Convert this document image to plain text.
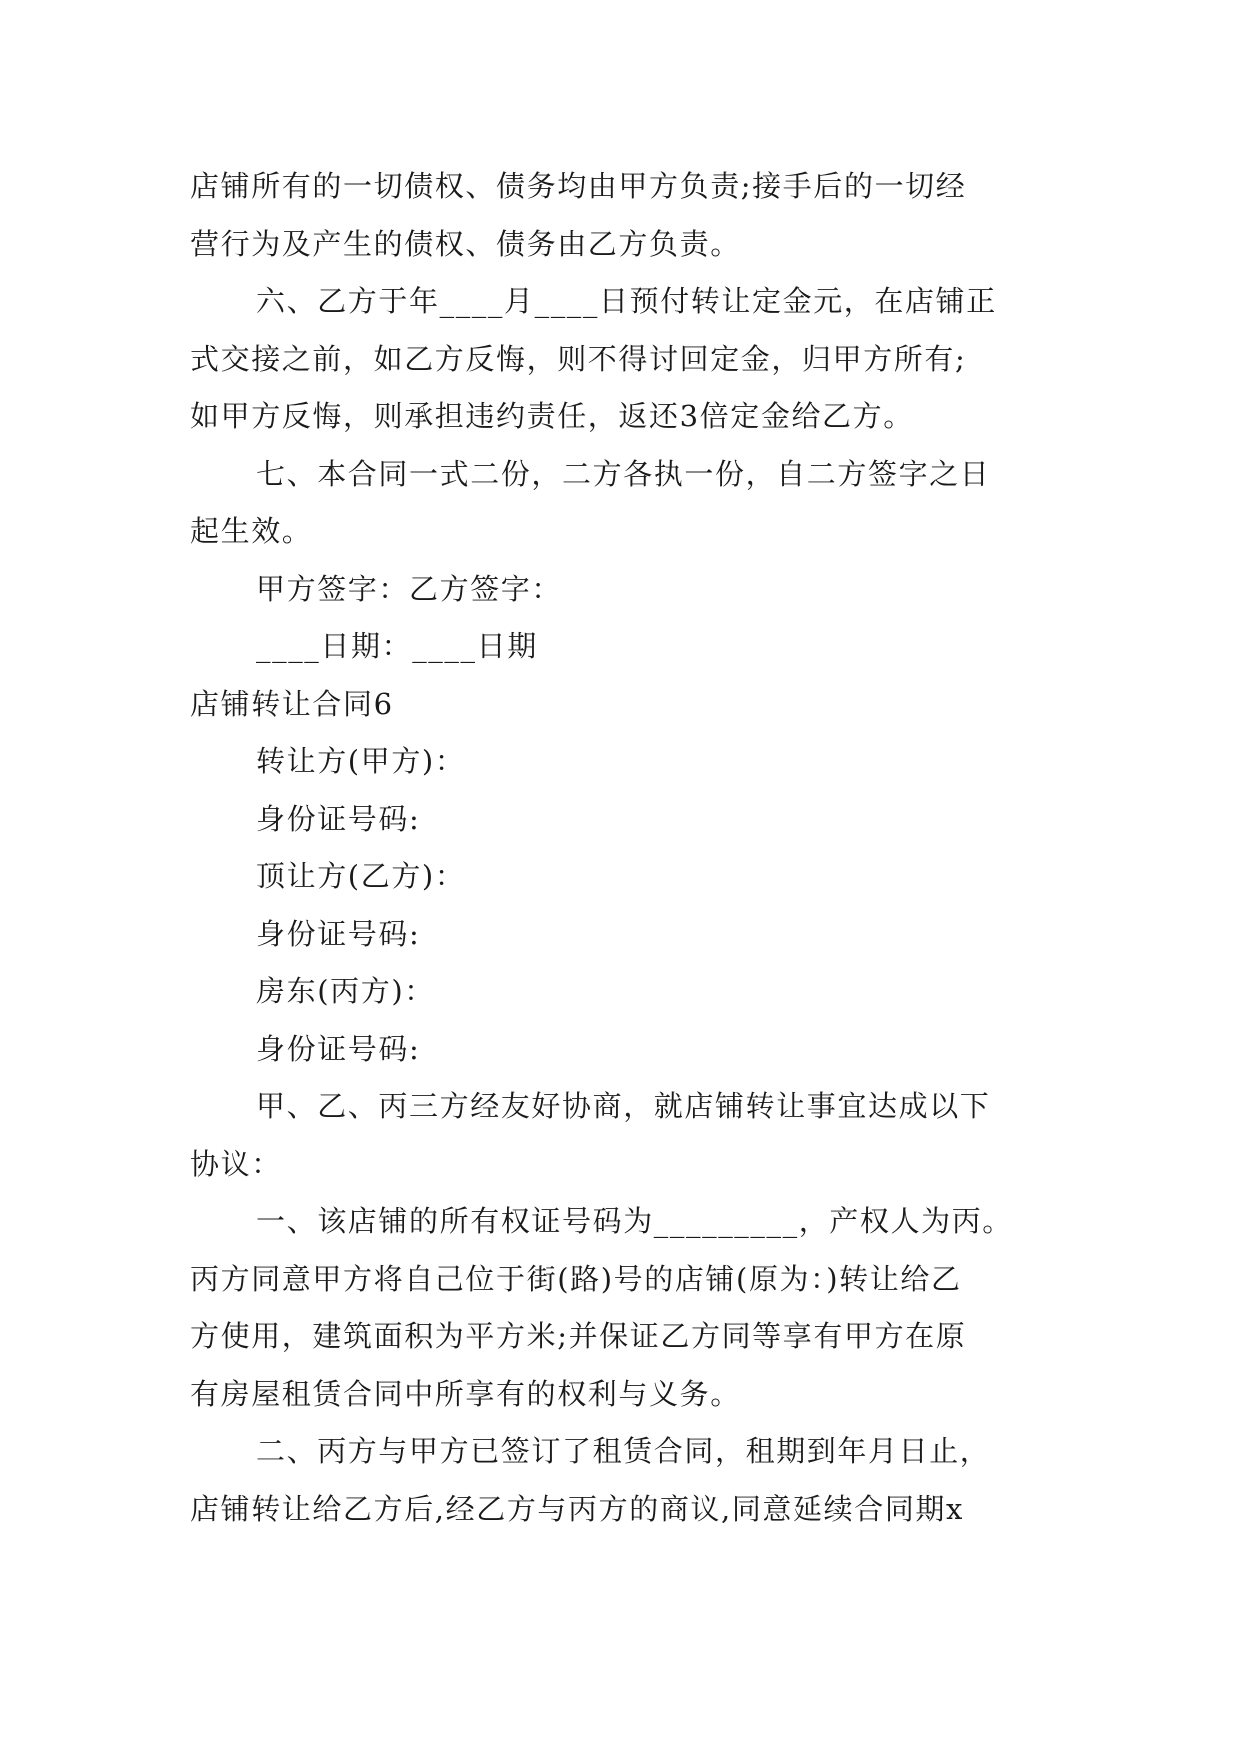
店铺所有的一切债权、债务均由甲方负责;接手后的一切经
营行为及产生的债权、债务由乙方负责。
六、乙方于年____月____日预付转让定金元，在店铺正
式交接之前，如乙方反悔，则不得讨回定金，归甲方所有;
如甲方反悔，则承担违约责任，返还3倍定金给乙方。
七、本合同一式二份，二方各执一份，自二方签字之日
起生效。
甲方签字：乙方签字：
____日期：____日期
店铺转让合同6
转让方(甲方)：
身份证号码:
顶让方(乙方)：
身份证号码:
房东(丙方)：
身份证号码:
甲、乙、丙三方经友好协商，就店铺转让事宜达成以下
协议：
一、该店铺的所有权证号码为_________，产权人为丙。
丙方同意甲方将自己位于街(路)号的店铺(原为：)转让给乙
方使用，建筑面积为平方米;并保证乙方同等享有甲方在原
有房屋租赁合同中所享有的权利与义务。
二、丙方与甲方已签订了租赁合同，租期到年月日止，
店铺转让给乙方后,经乙方与丙方的商议,同意延续合同期x
